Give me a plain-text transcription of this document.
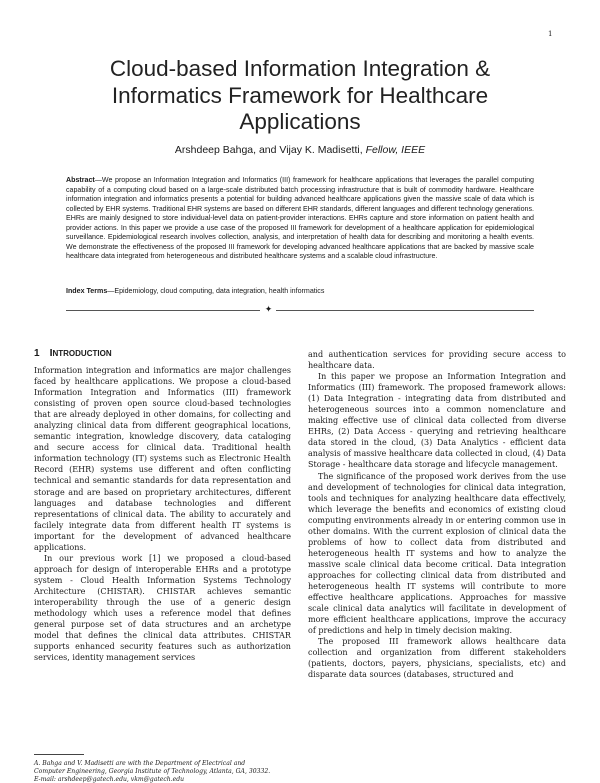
1
Cloud-based Information Integration & Informatics Framework for Healthcare Applications
Arshdeep Bahga, and Vijay K. Madisetti, Fellow, IEEE
Abstract—We propose an Information Integration and Informatics (III) framework for healthcare applications that leverages the parallel computing capability of a computing cloud based on a large-scale distributed batch processing infrastructure that is built of commodity hardware. Healthcare information integration and informatics presents a potential for building advanced healthcare applications given the massive scale of data which is collected by EHR systems. Traditional EHR systems are based on different EHR standards, different languages and different technology generations. EHRs are mainly designed to store individual-level data on patient-provider interactions. EHRs capture and store information on patient health and provider actions. In this paper we provide a use case of the proposed III framework for development of a healthcare application for epidemiological surveillance. Epidemiological research involves collection, analysis, and interpretation of health data for describing and monitoring a health events. We demonstrate the effectiveness of the proposed III framework for developing advanced healthcare applications that are backed by massive scale healthcare data integrated from heterogeneous and distributed healthcare systems and a scalable cloud infrastructure.
Index Terms—Epidemiology, cloud computing, data integration, health informatics
✦
1 INTRODUCTION

Information integration and informatics are major challenges faced by healthcare applications. We propose a cloud-based Information Integration and Informatics (III) framework consisting of proven open source cloud-based technologies that are already deployed in other domains, for collecting and analyzing clinical data from different geographical locations, semantic integration, knowledge discovery, data cataloging and secure access for clinical data. Traditional health information technology (IT) systems such as Electronic Health Record (EHR) systems use different and often conflicting technical and semantic standards for data representation and storage and are based on proprietary architectures, different languages and database technologies and different representations of clinical data. The ability to accurately and facilely integrate data from different health IT systems is important for the development of advanced healthcare applications.

In our previous work [1] we proposed a cloud-based approach for design of interoperable EHRs and a prototype system - Cloud Health Information Systems Technology Architecture (CHISTAR). CHISTAR achieves semantic interoperability through the use of a generic design methodology which uses a reference model that defines general purpose set of data structures and an archetype model that defines the clinical data attributes. CHISTAR supports enhanced security features such as authorization services, identity management services

and authentication services for providing secure access to healthcare data.

In this paper we propose an Information Integration and Informatics (III) framework. The proposed framework allows: (1) Data Integration - integrating data from distributed and heterogeneous sources into a common nomenclature and making effective use of clinical data collected from diverse EHRs, (2) Data Access - querying and retrieving healthcare data stored in the cloud, (3) Data Analytics - efficient data analysis of massive healthcare data collected in cloud, (4) Data Storage - healthcare data storage and lifecycle management.

The significance of the proposed work derives from the use and development of technologies for clinical data integration, tools and techniques for analyzing healthcare data effectively, which leverage the benefits and economics of existing cloud computing environments already in or entering common use in other domains. With the current explosion of clinical data the problems of how to collect data from distributed and heterogeneous health IT systems and how to analyze the massive scale clinical data become critical. Data integration approaches for collecting clinical data from distributed and heterogeneous health IT systems will contribute to more effective healthcare applications. Approaches for massive scale clinical data analytics will facilitate in development of more efficient healthcare applications, improve the accuracy of predictions and help in timely decision making.

The proposed III framework allows healthcare data collection and organization from different stakeholders (patients, doctors, payers, physicians, specialists, etc) and disparate data sources (databases, structured and

A. Bahga and V. Madisetti are with the Department of Electrical and
Computer Engineering, Georgia Institute of Technology, Atlanta, GA, 30332.
E-mail: arshdeep@gatech.edu, vkm@gatech.edu
